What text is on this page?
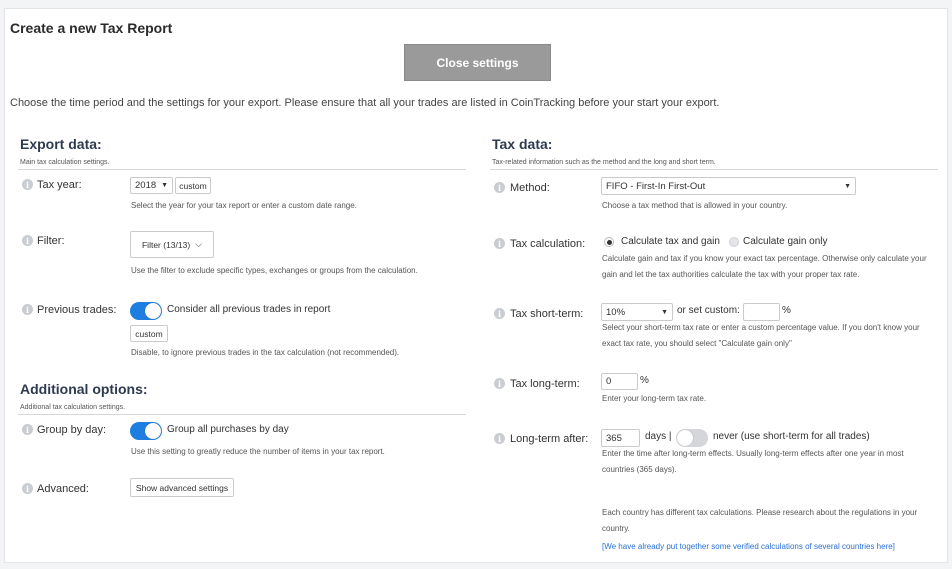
Create a new Tax Report
Close settings
Choose the time period and the settings for your export. Please ensure that all your trades are listed in CoinTracking before your start your export.
Export data:
Main tax calculation settings.
i Tax year:	2018 ▼	custom
Select the year for your tax report or enter a custom date range.
i Filter:	Filter (13/13) ⌵
Use the filter to exclude specific types, exchanges or groups from the calculation.
i Previous trades:	Consider all previous trades in report
custom
Disable, to ignore previous trades in the tax calculation (not recommended).
Additional options:
Additional tax calculation settings.
i Group by day:	Group all purchases by day
Use this setting to greatly reduce the number of items in your tax report.
i Advanced:	Show advanced settings
Tax data:
Tax-related information such as the method and the long and short term.
i Method:	FIFO - First-In First-Out	▼
Choose a tax method that is allowed in your country.
i Tax calculation:	Calculate tax and gain Calculate gain only
Calculate gain and tax if you know your exact tax percentage. Otherwise only calculate your gain and let the tax authorities calculate the tax with your proper tax rate.
i Tax short-term: 10%	▼ or set custom:	%
Select your short-term tax rate or enter a custom percentage value. If you don't know your exact tax rate, you should select "Calculate gain only"
i Tax long-term:	0	%
Enter your long-term tax rate.
i Long-term after:	365	days |	never (use short-term for all trades)
Enter the time after long-term effects. Usually long-term effects after one year in most countries (365 days).
Each country has different tax calculations. Please research about the regulations in your country.
[We have already put together some verified calculations of several countries here]
